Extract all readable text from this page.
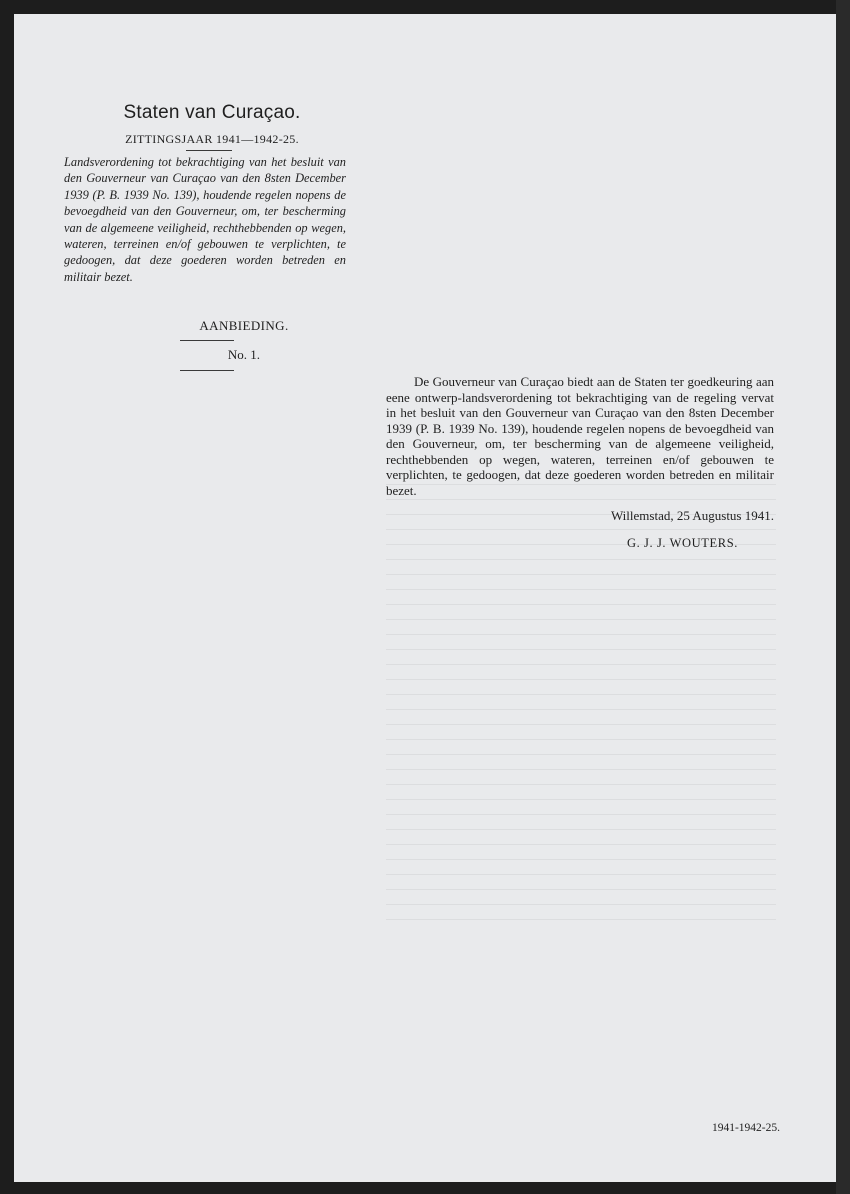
Staten van Curaçao.
ZITTINGSJAAR 1941—1942-25.
Landsverordening tot bekrachtiging van het besluit van den Gouverneur van Curaçao van den 8sten December 1939 (P. B. 1939 No. 139), houdende regelen nopens de bevoegdheid van den Gouverneur, om, ter bescherming van de algemeene veiligheid, rechthebbenden op wegen, wateren, terreinen en/of gebouwen te verplichten, te gedoogen, dat deze goederen worden betreden en militair bezet.
AANBIEDING.
No. 1.
De Gouverneur van Curaçao biedt aan de Staten ter goedkeuring aan eene ontwerp-landsverordening tot bekrachtiging van de regeling vervat in het besluit van den Gouverneur van Curaçao van den 8sten December 1939 (P. B. 1939 No. 139), houdende regelen nopens de bevoegdheid van den Gouverneur, om, ter bescherming van de algemeene veiligheid, rechthebbenden op wegen, wateren, terreinen en/of gebouwen te verplichten, te gedoogen, dat deze goederen worden betreden en militair bezet.
Willemstad, 25 Augustus 1941.
G. J. J. WOUTERS.
1941-1942-25.
